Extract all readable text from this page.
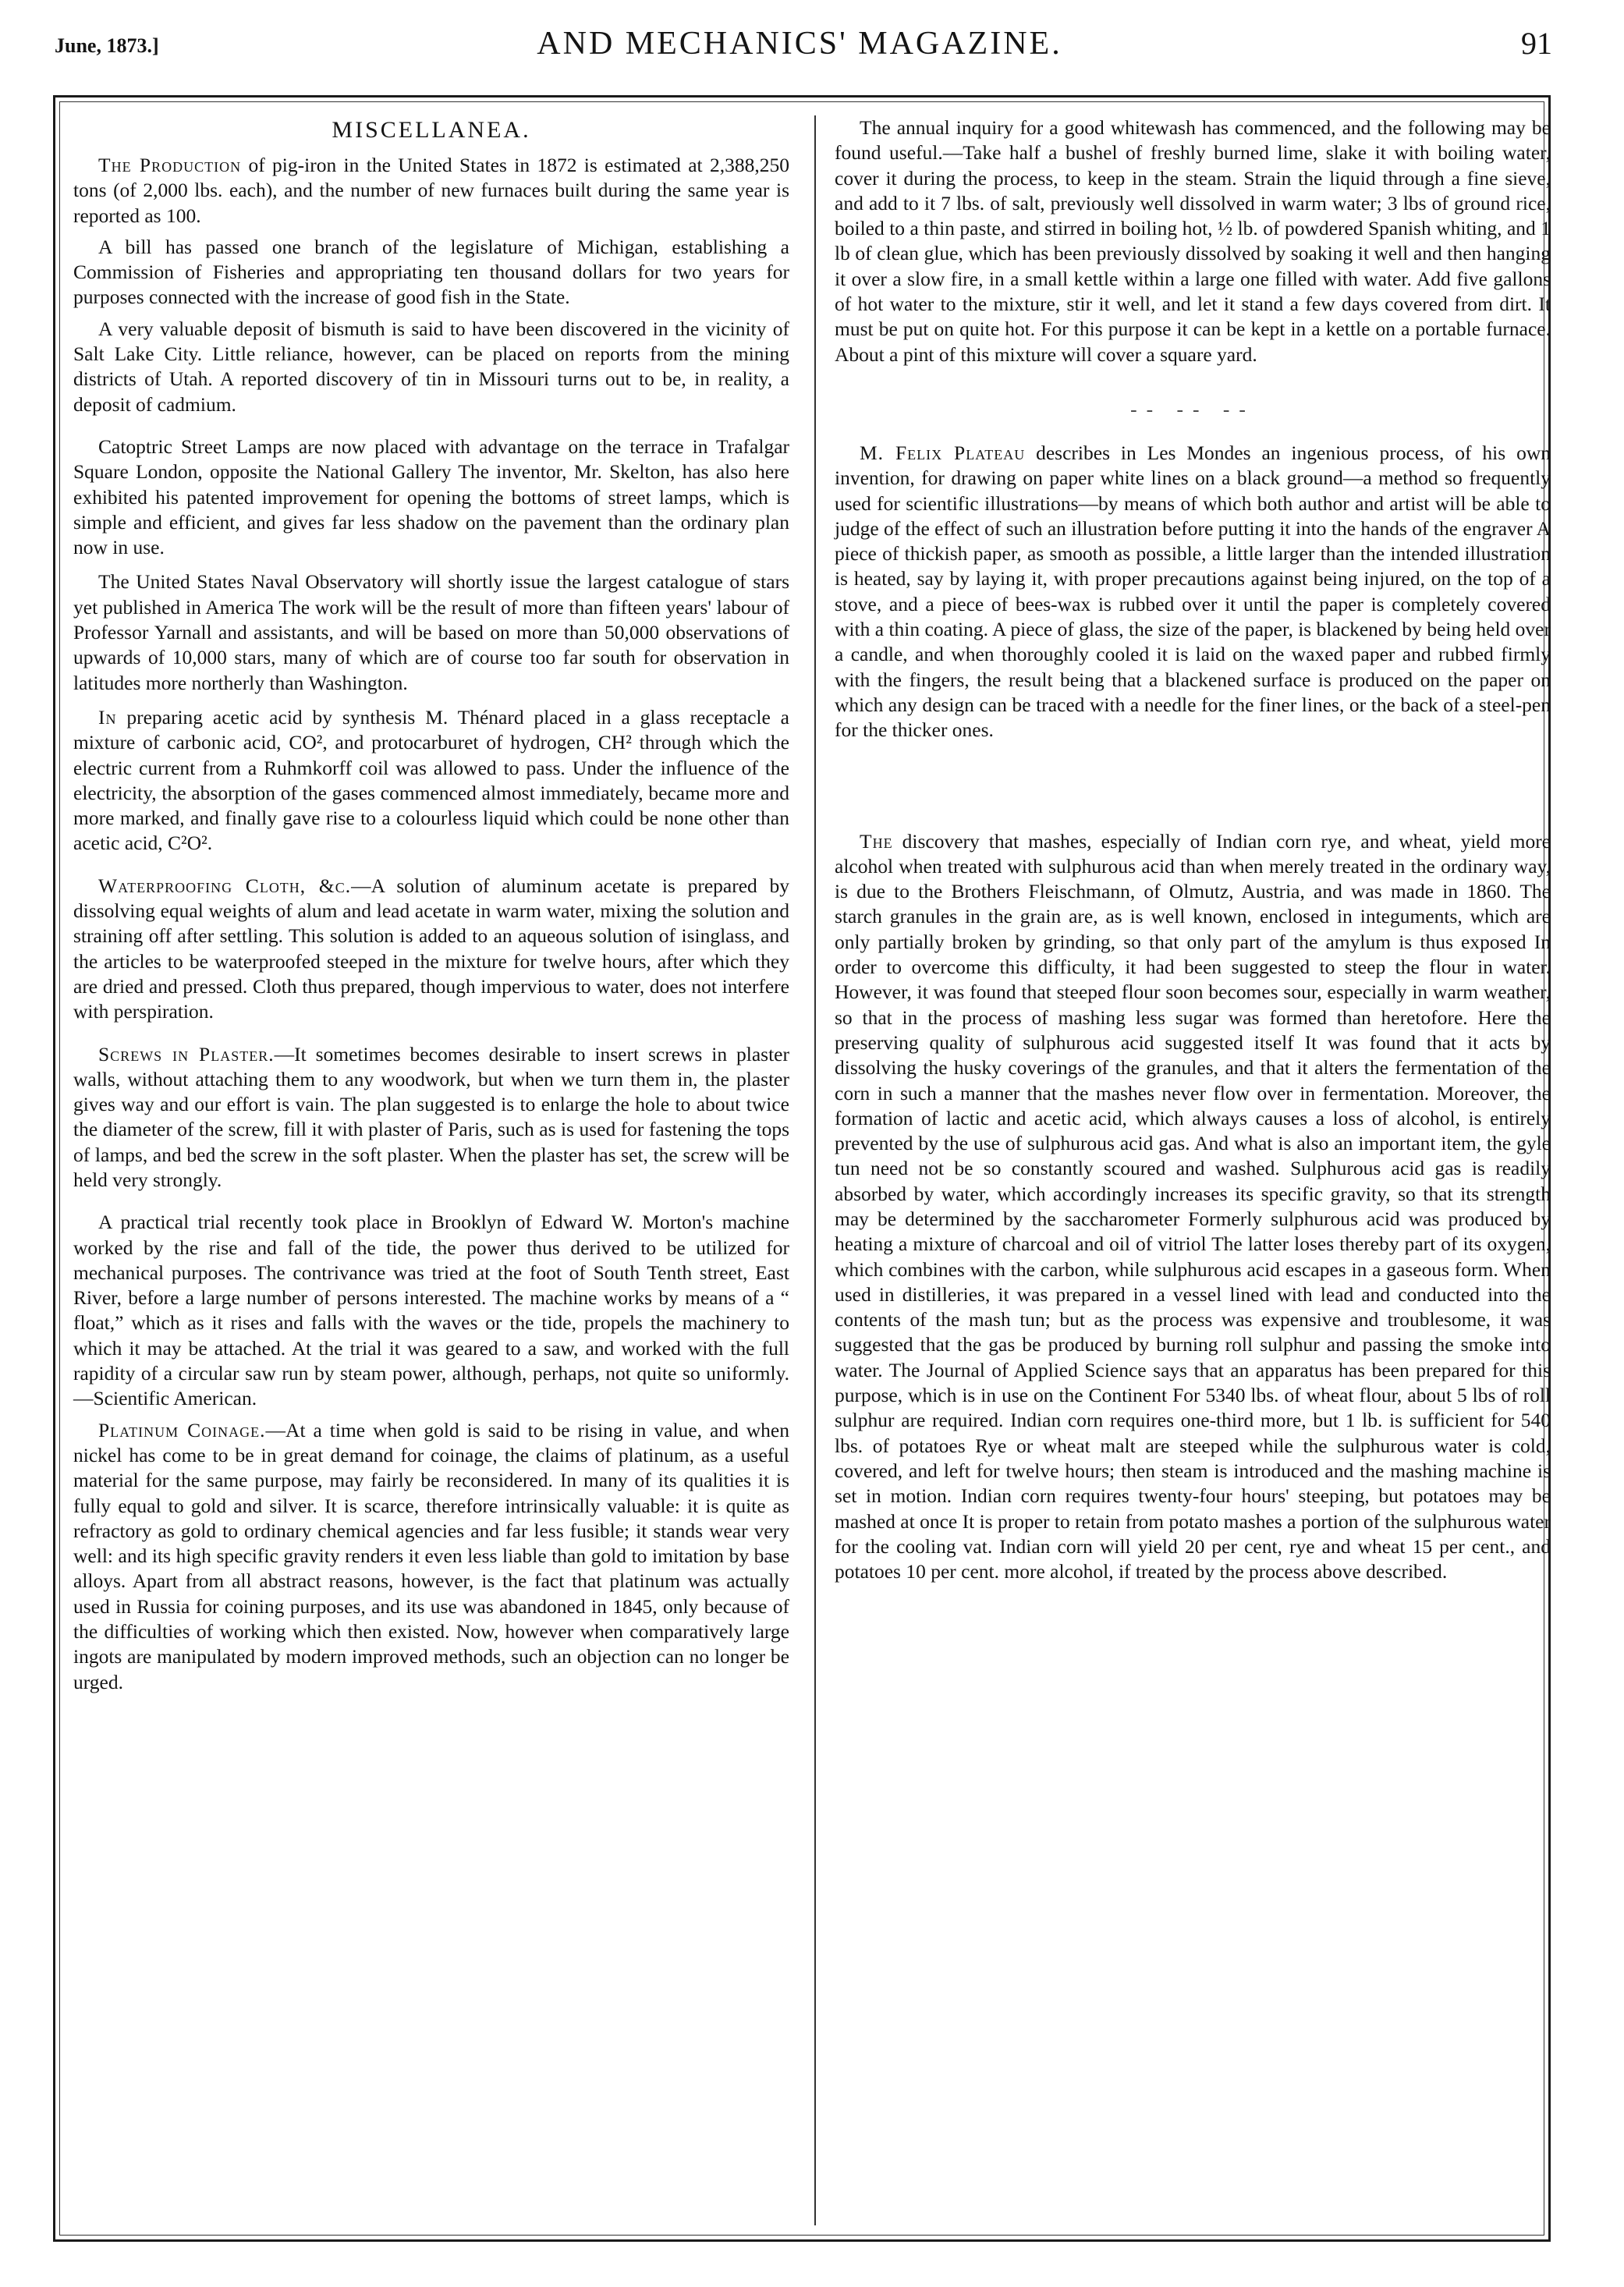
June, 1873.]	AND MECHANICS' MAGAZINE.	91
MISCELLANEA.

The Production of pig-iron in the United States in 1872 is estimated at 2,388,250 tons (of 2,000 lbs. each), and the number of new furnaces built during the same year is reported as 100.

A bill has passed one branch of the legislature of Michigan, establishing a Commission of Fisheries and appropriating ten thousand dollars for two years for purposes connected with the increase of good fish in the State.

A very valuable deposit of bismuth is said to have been discovered in the vicinity of Salt Lake City. Little reliance, however, can be placed on reports from the mining districts of Utah. A reported discovery of tin in Missouri turns out to be, in reality, a deposit of cadmium.

Catoptric Street Lamps are now placed with advantage on the terrace in Trafalgar Square London, opposite the National Gallery The inventor, Mr. Skelton, has also here exhibited his patented improvement for opening the bottoms of street lamps, which is simple and efficient, and gives far less shadow on the pavement than the ordinary plan now in use.

The United States Naval Observatory will shortly issue the largest catalogue of stars yet published in America The work will be the result of more than fifteen years' labour of Professor Yarnall and assistants, and will be based on more than 50,000 observations of upwards of 10,000 stars, many of which are of course too far south for observation in latitudes more northerly than Washington.

In preparing acetic acid by synthesis M. Thénard placed in a glass receptacle a mixture of carbonic acid, CO², and protocarburet of hydrogen, CH² through which the electric current from a Ruhmkorff coil was allowed to pass. Under the influence of the electricity, the absorption of the gases commenced almost immediately, became more and more marked, and finally gave rise to a colourless liquid which could be none other than acetic acid, C²O².

Waterproofing Cloth, &c.—A solution of aluminum acetate is prepared by dissolving equal weights of alum and lead acetate in warm water, mixing the solution and straining off after settling. This solution is added to an aqueous solution of isinglass, and the articles to be waterproofed steeped in the mixture for twelve hours, after which they are dried and pressed. Cloth thus prepared, though impervious to water, does not interfere with perspiration.

Screws in Plaster.—It sometimes becomes desirable to insert screws in plaster walls, without attaching them to any woodwork, but when we turn them in, the plaster gives way and our effort is vain. The plan suggested is to enlarge the hole to about twice the diameter of the screw, fill it with plaster of Paris, such as is used for fastening the tops of lamps, and bed the screw in the soft plaster. When the plaster has set, the screw will be held very strongly.

A practical trial recently took place in Brooklyn of Edward W. Morton's machine worked by the rise and fall of the tide, the power thus derived to be utilized for mechanical purposes. The contrivance was tried at the foot of South Tenth street, East River, before a large number of persons interested. The machine works by means of a “ float,” which as it rises and falls with the waves or the tide, propels the machinery to which it may be attached. At the trial it was geared to a saw, and worked with the full rapidity of a circular saw run by steam power, although, perhaps, not quite so uniformly.—Scientific American.

Platinum Coinage.—At a time when gold is said to be rising in value, and when nickel has come to be in great demand for coinage, the claims of platinum, as a useful material for the same purpose, may fairly be reconsidered. In many of its qualities it is fully equal to gold and silver. It is scarce, therefore intrinsically valuable: it is quite as refractory as gold to ordinary chemical agencies and far less fusible; it stands wear very well: and its high specific gravity renders it even less liable than gold to imitation by base alloys. Apart from all abstract reasons, however, is the fact that platinum was actually used in Russia for coining purposes, and its use was abandoned in 1845, only because of the difficulties of working which then existed. Now, however when comparatively large ingots are manipulated by modern improved methods, such an objection can no longer be urged.

The annual inquiry for a good whitewash has commenced, and the following may be found useful.—Take half a bushel of freshly burned lime, slake it with boiling water, cover it during the process, to keep in the steam. Strain the liquid through a fine sieve, and add to it 7 lbs. of salt, previously well dissolved in warm water; 3 lbs of ground rice, boiled to a thin paste, and stirred in boiling hot, ½ lb. of powdered Spanish whiting, and 1 lb of clean glue, which has been previously dissolved by soaking it well and then hanging it over a slow fire, in a small kettle within a large one filled with water. Add five gallons of hot water to the mixture, stir it well, and let it stand a few days covered from dirt. It must be put on quite hot. For this purpose it can be kept in a kettle on a portable furnace. About a pint of this mixture will cover a square yard.

-- -- --

M. Felix Plateau describes in Les Mondes an ingenious process, of his own invention, for drawing on paper white lines on a black ground—a method so frequently used for scientific illustrations—by means of which both author and artist will be able to judge of the effect of such an illustration before putting it into the hands of the engraver A piece of thickish paper, as smooth as possible, a little larger than the intended illustration is heated, say by laying it, with proper precautions against being injured, on the top of a stove, and a piece of bees-wax is rubbed over it until the paper is completely covered with a thin coating. A piece of glass, the size of the paper, is blackened by being held over a candle, and when thoroughly cooled it is laid on the waxed paper and rubbed firmly with the fingers, the result being that a blackened surface is produced on the paper on which any design can be traced with a needle for the finer lines, or the back of a steel-pen for the thicker ones.

The discovery that mashes, especially of Indian corn rye, and wheat, yield more alcohol when treated with sulphurous acid than when merely treated in the ordinary way, is due to the Brothers Fleischmann, of Olmutz, Austria, and was made in 1860. The starch granules in the grain are, as is well known, enclosed in integuments, which are only partially broken by grinding, so that only part of the amylum is thus exposed In order to overcome this difficulty, it had been suggested to steep the flour in water. However, it was found that steeped flour soon becomes sour, especially in warm weather, so that in the process of mashing less sugar was formed than heretofore. Here the preserving quality of sulphurous acid suggested itself It was found that it acts by dissolving the husky coverings of the granules, and that it alters the fermentation of the corn in such a manner that the mashes never flow over in fermentation. Moreover, the formation of lactic and acetic acid, which always causes a loss of alcohol, is entirely prevented by the use of sulphurous acid gas. And what is also an important item, the gyle tun need not be so constantly scoured and washed. Sulphurous acid gas is readily absorbed by water, which accordingly increases its specific gravity, so that its strength may be determined by the saccharometer Formerly sulphurous acid was produced by heating a mixture of charcoal and oil of vitriol The latter loses thereby part of its oxygen, which combines with the carbon, while sulphurous acid escapes in a gaseous form. When used in distilleries, it was prepared in a vessel lined with lead and conducted into the contents of the mash tun; but as the process was expensive and troublesome, it was suggested that the gas be produced by burning roll sulphur and passing the smoke into water. The Journal of Applied Science says that an apparatus has been prepared for this purpose, which is in use on the Continent For 5340 lbs. of wheat flour, about 5 lbs of roll sulphur are required. Indian corn requires one-third more, but 1 lb. is sufficient for 540 lbs. of potatoes Rye or wheat malt are steeped while the sulphurous water is cold, covered, and left for twelve hours; then steam is introduced and the mashing machine is set in motion. Indian corn requires twenty-four hours' steeping, but potatoes may be mashed at once It is proper to retain from potato mashes a portion of the sulphurous water for the cooling vat. Indian corn will yield 20 per cent, rye and wheat 15 per cent., and potatoes 10 per cent. more alcohol, if treated by the process above described.
